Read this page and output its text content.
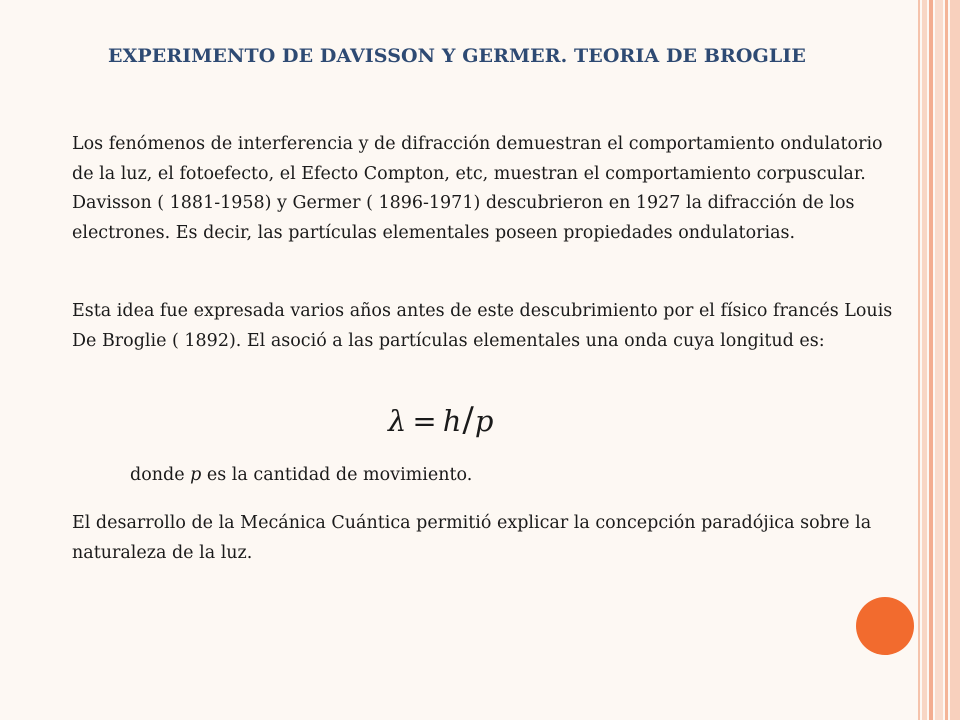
EXPERIMENTO DE DAVISSON Y GERMER. TEORIA DE BROGLIE

Los fenómenos de interferencia y de difracción demuestran el comportamiento ondulatorio de la luz, el fotoefecto, el Efecto Compton, etc, muestran el comportamiento corpuscular. Davisson ( 1881-1958) y Germer ( 1896-1971) descubrieron en 1927 la difracción de los electrones. Es decir, las partículas elementales poseen propiedades ondulatorias.

Esta idea fue expresada varios años antes de este descubrimiento por el físico francés Louis De Broglie ( 1892). El asoció a las partículas elementales una onda cuya longitud es:

λ = h/p

donde p es la cantidad de movimiento.

El desarrollo de la Mecánica Cuántica permitió explicar la concepción paradójica sobre la naturaleza de la luz.
